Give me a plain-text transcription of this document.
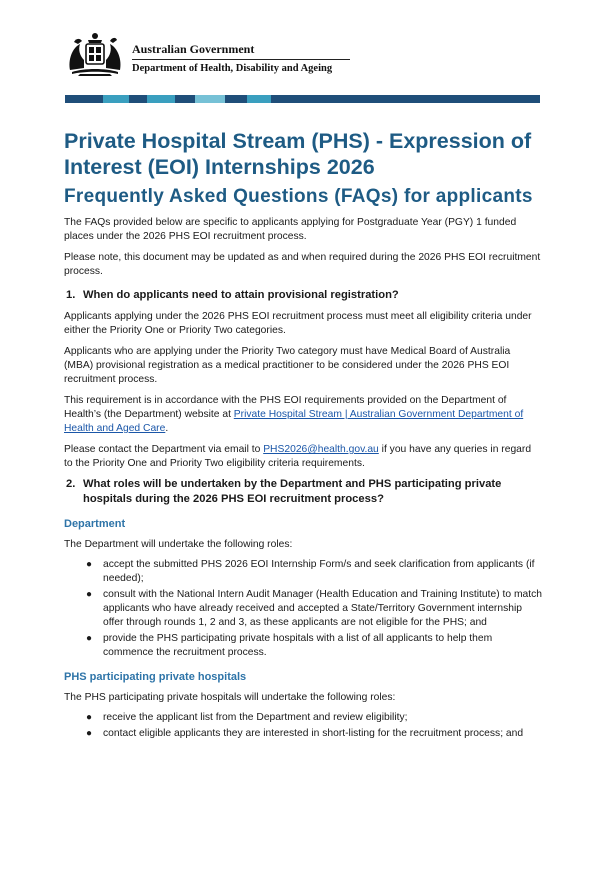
Australian Government
Department of Health, Disability and Ageing
Private Hospital Stream (PHS) - Expression of Interest (EOI) Internships 2026
Frequently Asked Questions (FAQs) for applicants

The FAQs provided below are specific to applicants applying for Postgraduate Year (PGY) 1 funded places under the 2026 PHS EOI recruitment process.

Please note, this document may be updated as and when required during the 2026 PHS EOI recruitment process.

1. When do applicants need to attain provisional registration?

Applicants applying under the 2026 PHS EOI recruitment process must meet all eligibility criteria under either the Priority One or Priority Two categories.

Applicants who are applying under the Priority Two category must have Medical Board of Australia (MBA) provisional registration as a medical practitioner to be considered under the 2026 PHS EOI recruitment process.

This requirement is in accordance with the PHS EOI requirements provided on the Department of Health’s (the Department) website at Private Hospital Stream | Australian Government Department of Health and Aged Care.

Please contact the Department via email to PHS2026@health.gov.au if you have any queries in regard to the Priority One and Priority Two eligibility criteria requirements.

2. What roles will be undertaken by the Department and PHS participating private hospitals during the 2026 PHS EOI recruitment process?
Department

The Department will undertake the following roles:

● accept the submitted PHS 2026 EOI Internship Form/s and seek clarification from applicants (if needed);
● consult with the National Intern Audit Manager (Health Education and Training Institute) to match applicants who have already received and accepted a State/Territory Government internship offer through rounds 1, 2 and 3, as these applicants are not eligible for the PHS; and
● provide the PHS participating private hospitals with a list of all applicants to help them commence the recruitment process.
PHS participating private hospitals

The PHS participating private hospitals will undertake the following roles:

● receive the applicant list from the Department and review eligibility;
● contact eligible applicants they are interested in short-listing for the recruitment process; and
